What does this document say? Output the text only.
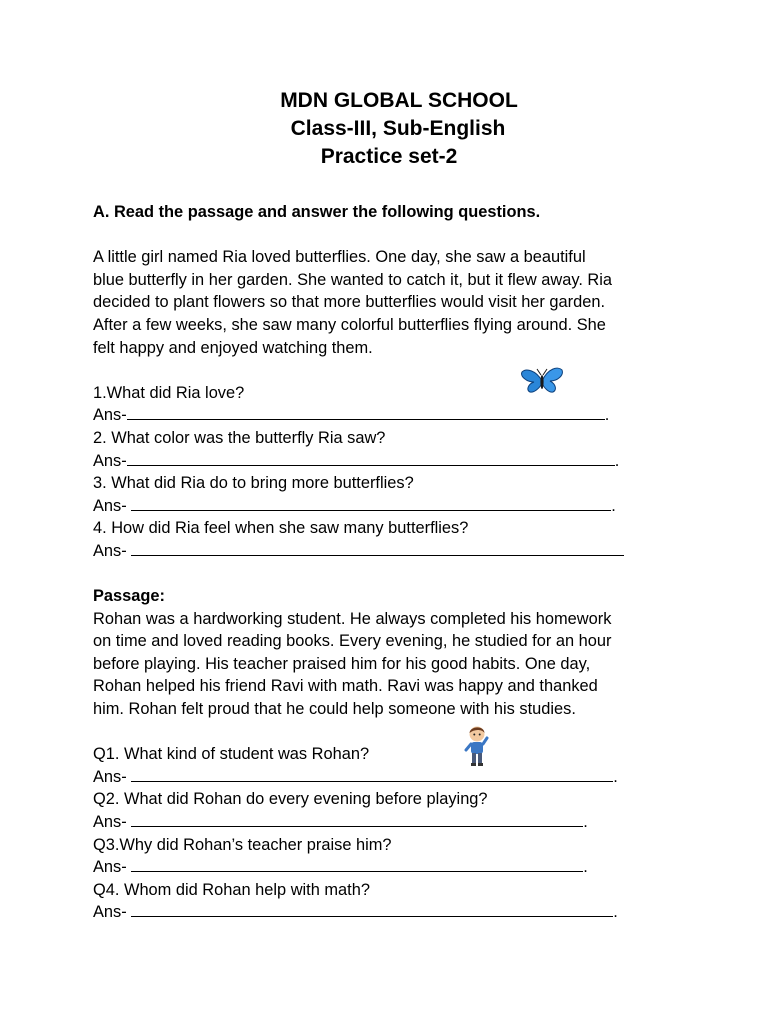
MDN GLOBAL SCHOOL
Class-III, Sub-English
Practice set-2

A. Read the passage and answer the following questions.

A little girl named Ria loved butterflies. One day, she saw a beautiful

blue butterfly in her garden. She wanted to catch it, but it flew away. Ria

decided to plant flowers so that more butterflies would visit her garden.

After a few weeks, she saw many colorful butterflies flying around. She

felt happy and enjoyed watching them.

1.What did Ria love?

Ans-	.

2. What color was the butterfly Ria saw?

Ans-	.

3. What did Ria do to bring more butterflies?

Ans-	.

4. How did Ria feel when she saw many butterflies?

Ans-

Passage:

Rohan was a hardworking student. He always completed his homework

on time and loved reading books. Every evening, he studied for an hour

before playing. His teacher praised him for his good habits. One day,

Rohan helped his friend Ravi with math. Ravi was happy and thanked

him. Rohan felt proud that he could help someone with his studies.

Q1. What kind of student was Rohan?

Ans-	.

Q2. What did Rohan do every evening before playing?

Ans-	.

Q3.Why did Rohan’s teacher praise him?

Ans-	.

Q4. Whom did Rohan help with math?

Ans-	.
